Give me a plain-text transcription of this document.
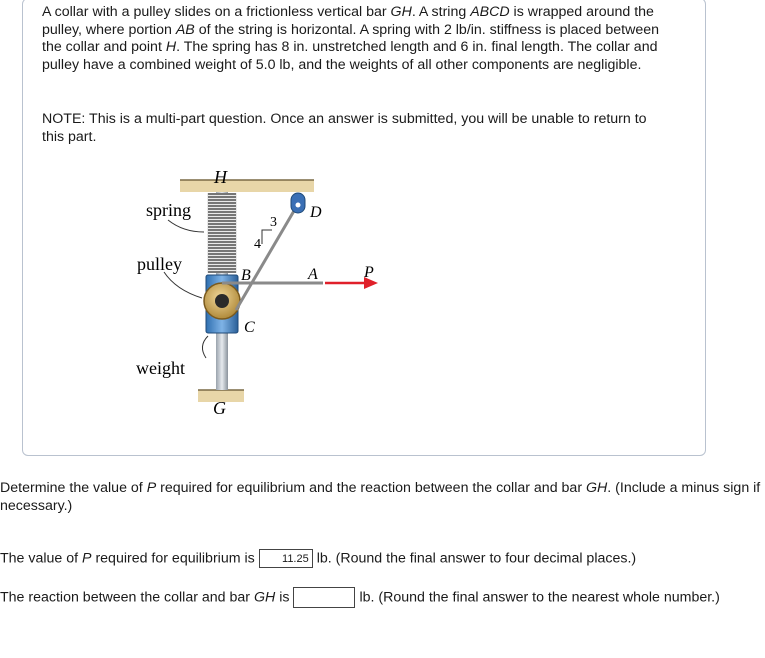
A collar with a pulley slides on a frictionless vertical bar GH. A string ABCD is wrapped around the pulley, where portion AB of the string is horizontal. A spring with 2 lb/in. stiffness is placed between the collar and point H. The spring has 8 in. unstretched length and 6 in. final length. The collar and pulley have a combined weight of 5.0 lb, and the weights of all other components are negligible.
NOTE: This is a multi-part question. Once an answer is submitted, you will be unable to return to this part.
H
spring
pulley
weight
B
C
A
D
P
G
3
4
Determine the value of P required for equilibrium and the reaction between the collar and bar GH. (Include a minus sign if necessary.)
The value of P required for equilibrium is 11.25 lb. (Round the final answer to four decimal places.)
The reaction between the collar and bar GH is	lb. (Round the final answer to the nearest whole number.)
